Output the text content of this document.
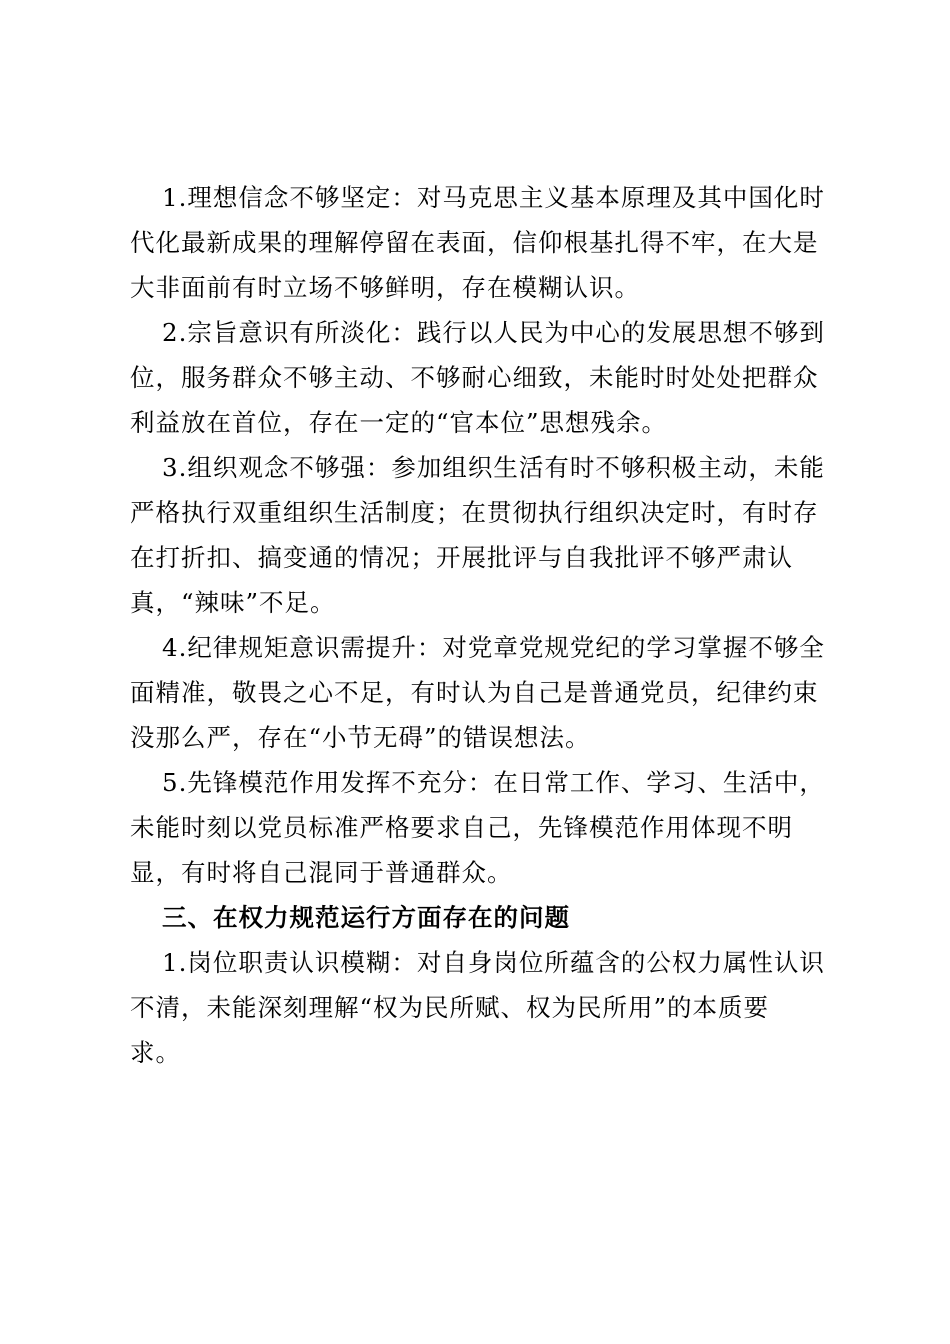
1.理想信念不够坚定：对马克思主义基本原理及其中国化时
代化最新成果的理解停留在表面，信仰根基扎得不牢，在大是
大非面前有时立场不够鲜明，存在模糊认识。
2.宗旨意识有所淡化：践行以人民为中心的发展思想不够到
位，服务群众不够主动、不够耐心细致，未能时时处处把群众
利益放在首位，存在一定的“官本位”思想残余。
3.组织观念不够强：参加组织生活有时不够积极主动，未能
严格执行双重组织生活制度；在贯彻执行组织决定时，有时存
在打折扣、搞变通的情况；开展批评与自我批评不够严肃认
真，“辣味”不足。
4.纪律规矩意识需提升：对党章党规党纪的学习掌握不够全
面精准，敬畏之心不足，有时认为自己是普通党员，纪律约束
没那么严，存在“小节无碍”的错误想法。
5.先锋模范作用发挥不充分：在日常工作、学习、生活中，
未能时刻以党员标准严格要求自己，先锋模范作用体现不明
显，有时将自己混同于普通群众。
三、在权力规范运行方面存在的问题
1.岗位职责认识模糊：对自身岗位所蕴含的公权力属性认识
不清，未能深刻理解“权为民所赋、权为民所用”的本质要
求。
